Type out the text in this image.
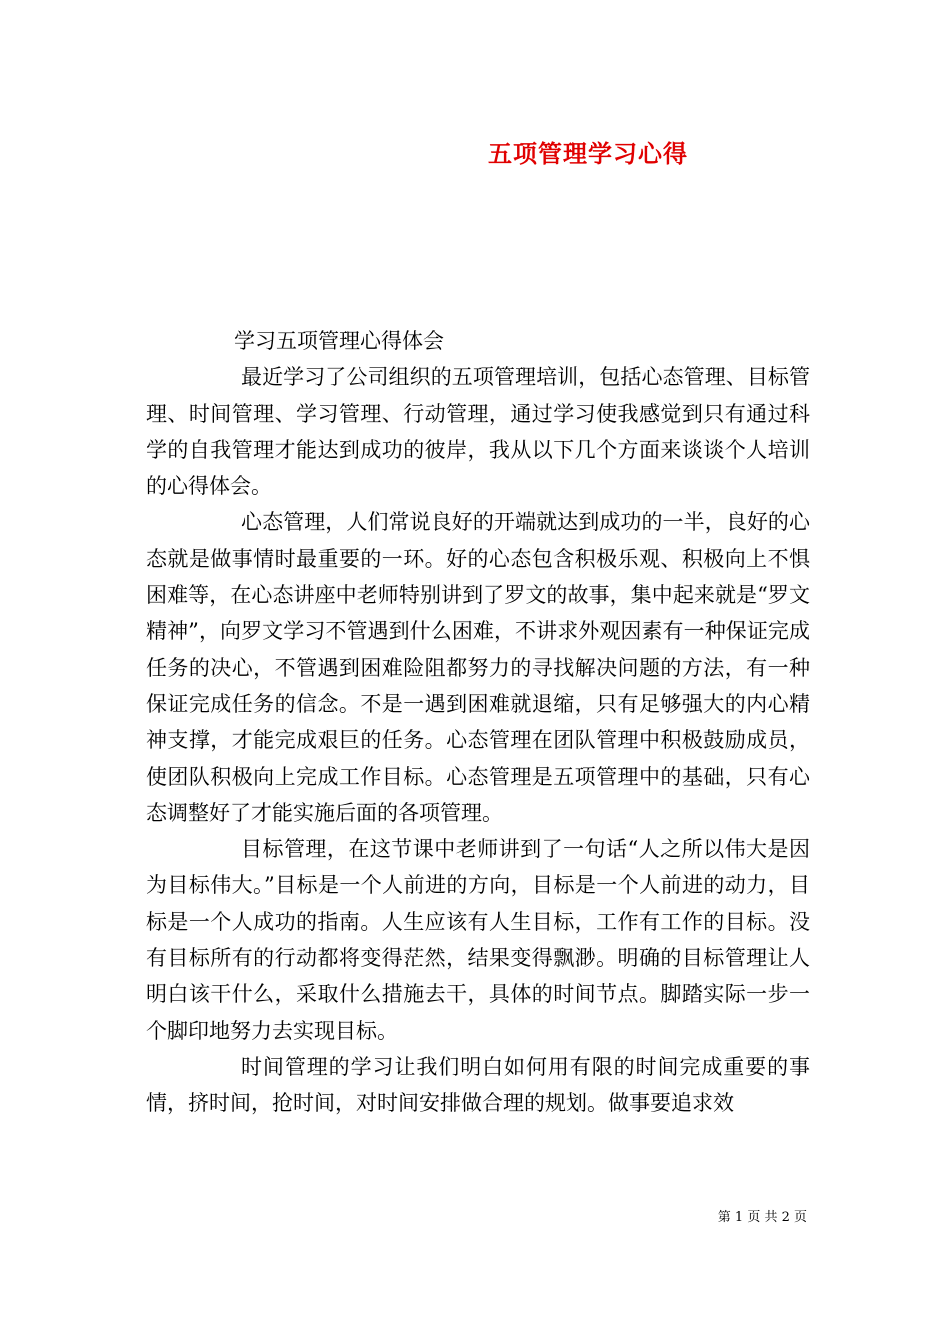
五项管理学习心得

学习五项管理心得体会

最近学习了公司组织的五项管理培训，包括心态管理、目标管理、时间管理、学习管理、行动管理，通过学习使我感觉到只有通过科学的自我管理才能达到成功的彼岸，我从以下几个方面来谈谈个人培训的心得体会。

心态管理，人们常说良好的开端就达到成功的一半，良好的心态就是做事情时最重要的一环。好的心态包含积极乐观、积极向上不惧困难等，在心态讲座中老师特别讲到了罗文的故事，集中起来就是“罗文精神”，向罗文学习不管遇到什么困难，不讲求外观因素有一种保证完成任务的决心，不管遇到困难险阻都努力的寻找解决问题的方法，有一种保证完成任务的信念。不是一遇到困难就退缩，只有足够强大的内心精神支撑，才能完成艰巨的任务。心态管理在团队管理中积极鼓励成员，使团队积极向上完成工作目标。心态管理是五项管理中的基础，只有心态调整好了才能实施后面的各项管理。

目标管理，在这节课中老师讲到了一句话“人之所以伟大是因为目标伟大。”目标是一个人前进的方向，目标是一个人前进的动力，目标是一个人成功的指南。人生应该有人生目标，工作有工作的目标。没有目标所有的行动都将变得茫然，结果变得飘渺。明确的目标管理让人明白该干什么，采取什么措施去干，具体的时间节点。脚踏实际一步一个脚印地努力去实现目标。

时间管理的学习让我们明白如何用有限的时间完成重要的事情，挤时间，抢时间，对时间安排做合理的规划。做事要追求效

第 1 页 共 2 页
